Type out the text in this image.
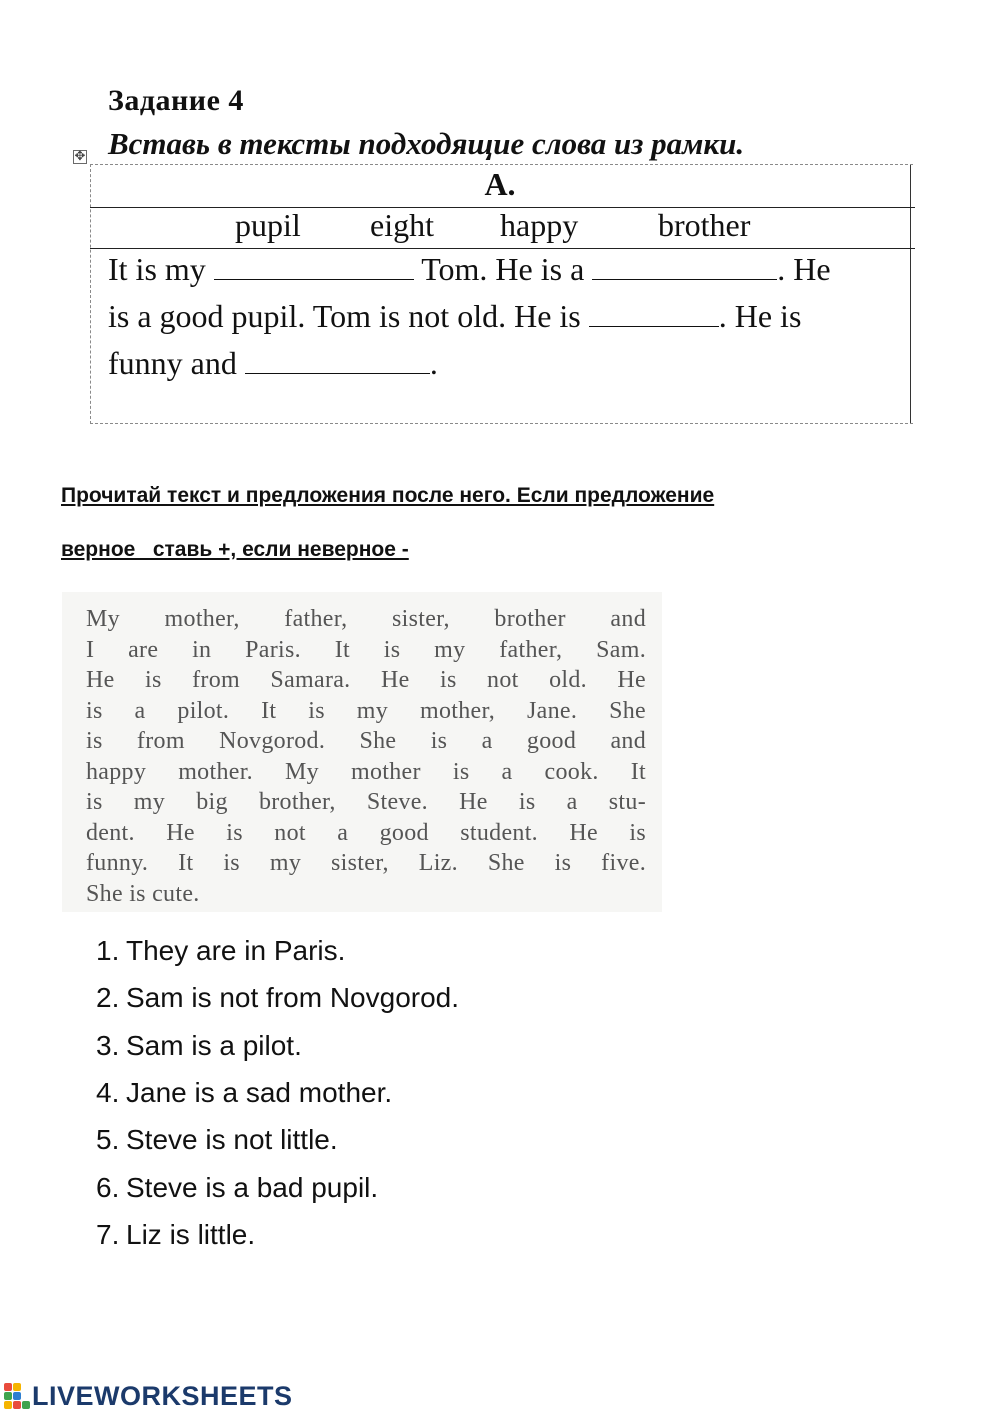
Задание 4
Вставь в тексты подходящие слова из рамки.
✥
A.
pupil eight happy brother
It is my	Tom. He is a	. He
is a good pupil. Tom is not old. He is	. He is
funny and	.
Прочитай текст и предложения после него. Если предложение
верное   ставь +, если неверное -
My mother, father, sister, brother and
I are in Paris. It is my father, Sam.
He is from Samara. He is not old. He
is a pilot. It is my mother, Jane. She
is from Novgorod. She is a good and
happy mother. My mother is a cook. It
is my big brother, Steve. He is a stu-
dent. He is not a good student. He is
funny. It is my sister, Liz. She is five.
She is cute.
1. They are in Paris.
2. Sam is not from Novgorod.
3. Sam is a pilot.
4. Jane is a sad mother.
5. Steve is not little.
6. Steve is a bad pupil.
7. Liz is little.
LIVEWORKSHEETS
